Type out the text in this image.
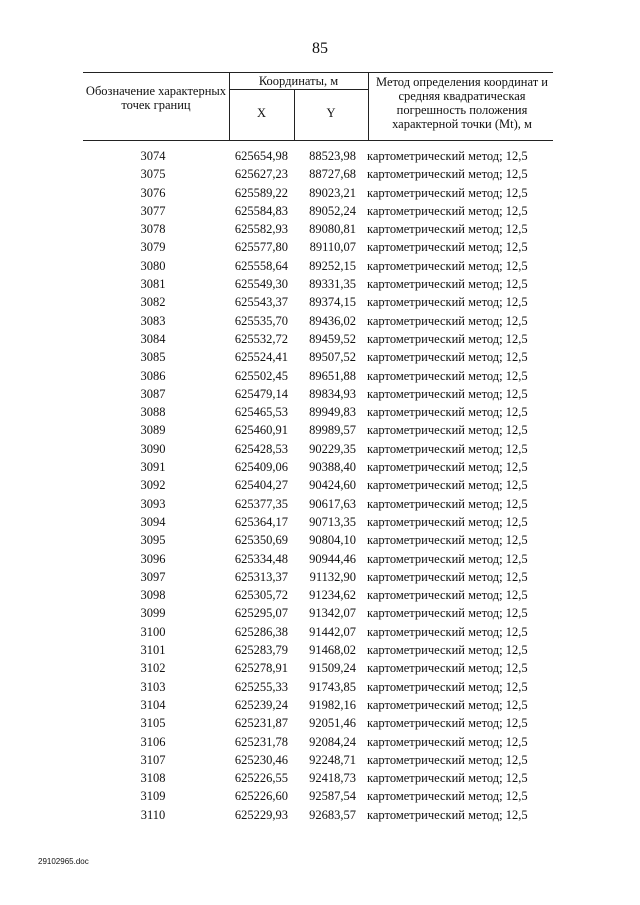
85
Обозначение характерных точек границ
Координаты, м
X	Y
Метод определения координат и средняя квадратическая погрешность положения характерной точки (Mt), м
3074	625654,98	88523,98 картометрический метод; 12,5
3075	625627,23	88727,68 картометрический метод; 12,5
3076	625589,22	89023,21 картометрический метод; 12,5
3077	625584,83	89052,24 картометрический метод; 12,5
3078	625582,93	89080,81 картометрический метод; 12,5
3079	625577,80	89110,07 картометрический метод; 12,5
3080	625558,64	89252,15 картометрический метод; 12,5
3081	625549,30	89331,35 картометрический метод; 12,5
3082	625543,37	89374,15 картометрический метод; 12,5
3083	625535,70	89436,02 картометрический метод; 12,5
3084	625532,72	89459,52 картометрический метод; 12,5
3085	625524,41	89507,52 картометрический метод; 12,5
3086	625502,45	89651,88 картометрический метод; 12,5
3087	625479,14	89834,93 картометрический метод; 12,5
3088	625465,53	89949,83 картометрический метод; 12,5
3089	625460,91	89989,57 картометрический метод; 12,5
3090	625428,53	90229,35 картометрический метод; 12,5
3091	625409,06	90388,40 картометрический метод; 12,5
3092	625404,27	90424,60 картометрический метод; 12,5
3093	625377,35	90617,63 картометрический метод; 12,5
3094	625364,17	90713,35 картометрический метод; 12,5
3095	625350,69	90804,10 картометрический метод; 12,5
3096	625334,48	90944,46 картометрический метод; 12,5
3097	625313,37	91132,90 картометрический метод; 12,5
3098	625305,72	91234,62 картометрический метод; 12,5
3099	625295,07	91342,07 картометрический метод; 12,5
3100	625286,38	91442,07 картометрический метод; 12,5
3101	625283,79	91468,02 картометрический метод; 12,5
3102	625278,91	91509,24 картометрический метод; 12,5
3103	625255,33	91743,85 картометрический метод; 12,5
3104	625239,24	91982,16 картометрический метод; 12,5
3105	625231,87	92051,46 картометрический метод; 12,5
3106	625231,78	92084,24 картометрический метод; 12,5
3107	625230,46	92248,71 картометрический метод; 12,5
3108	625226,55	92418,73 картометрический метод; 12,5
3109	625226,60	92587,54 картометрический метод; 12,5
3110	625229,93	92683,57 картометрический метод; 12,5
29102965.doc
